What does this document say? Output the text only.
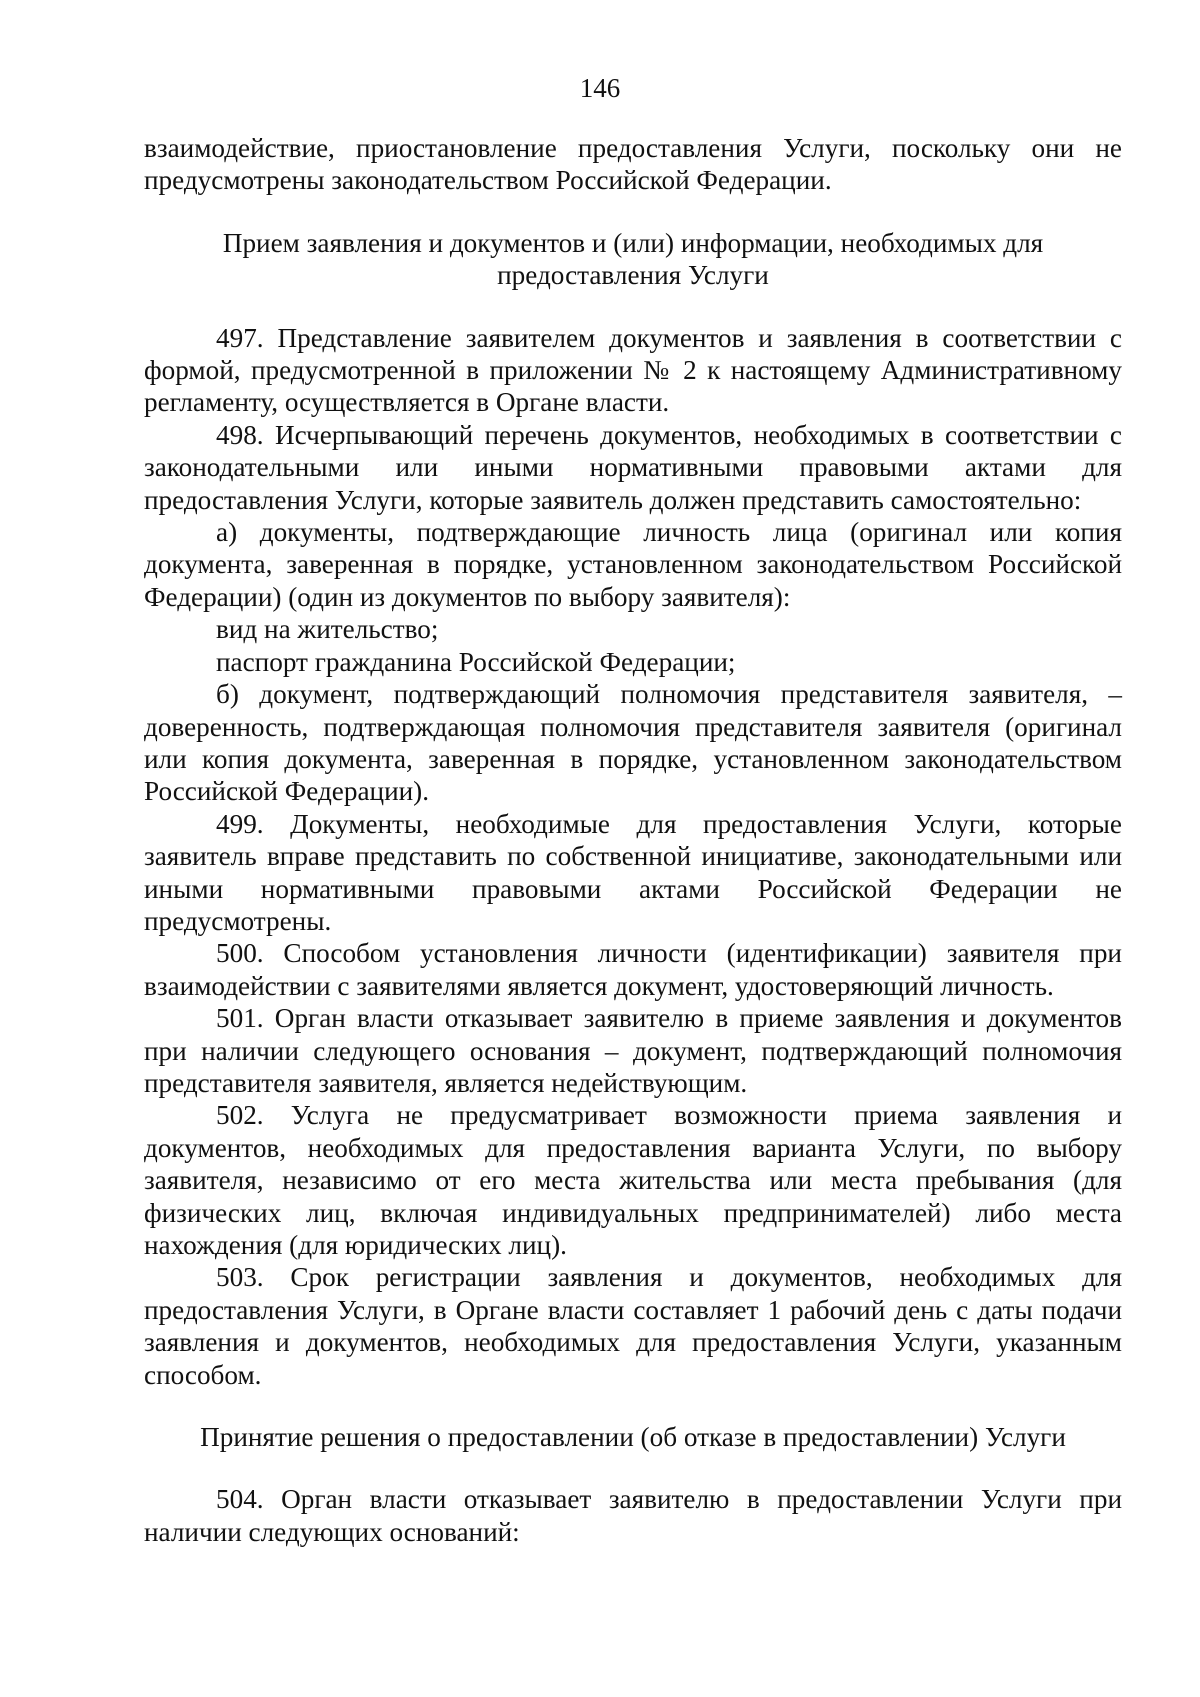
146

взаимодействие, приостановление предоставления Услуги, поскольку они не предусмотрены законодательством Российской Федерации.

Прием заявления и документов и (или) информации, необходимых для предоставления Услуги

497. Представление заявителем документов и заявления в соответствии с формой, предусмотренной в приложении № 2 к настоящему Административному регламенту, осуществляется в Органе власти.

498. Исчерпывающий перечень документов, необходимых в соответствии с законодательными или иными нормативными правовыми актами для предоставления Услуги, которые заявитель должен представить самостоятельно:

а) документы, подтверждающие личность лица (оригинал или копия документа, заверенная в порядке, установленном законодательством Российской Федерации) (один из документов по выбору заявителя):

вид на жительство;

паспорт гражданина Российской Федерации;

б) документ, подтверждающий полномочия представителя заявителя, – доверенность, подтверждающая полномочия представителя заявителя (оригинал или копия документа, заверенная в порядке, установленном законодательством Российской Федерации).

499. Документы, необходимые для предоставления Услуги, которые заявитель вправе представить по собственной инициативе, законодательными или иными нормативными правовыми актами Российской Федерации не предусмотрены.

500. Способом установления личности (идентификации) заявителя при взаимодействии с заявителями является документ, удостоверяющий личность.

501. Орган власти отказывает заявителю в приеме заявления и документов при наличии следующего основания – документ, подтверждающий полномочия представителя заявителя, является недействующим.

502. Услуга не предусматривает возможности приема заявления и документов, необходимых для предоставления варианта Услуги, по выбору заявителя, независимо от его места жительства или места пребывания (для физических лиц, включая индивидуальных предпринимателей) либо места нахождения (для юридических лиц).

503. Срок регистрации заявления и документов, необходимых для предоставления Услуги, в Органе власти составляет 1 рабочий день с даты подачи заявления и документов, необходимых для предоставления Услуги, указанным способом.

Принятие решения о предоставлении (об отказе в предоставлении) Услуги

504. Орган власти отказывает заявителю в предоставлении Услуги при наличии следующих оснований:
